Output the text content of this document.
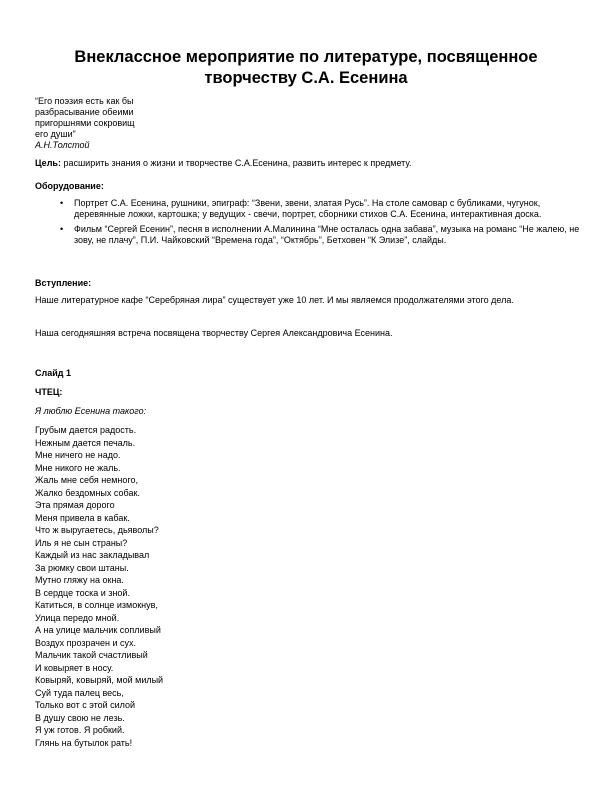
Внеклассное мероприятие по литературе, посвященное
творчеству С.А. Есенина
“Его поэзия есть как бы
разбрасывание обеими
пригоршнями сокровищ
его души”
А.Н.Толстой
Цель: расширить знания о жизни и творчестве С.А.Есенина, развить интерес к предмету.
Оборудование:
• Портрет С.А. Есенина, рушники, эпиграф: “Звени, звени, златая Русь”. На столе самовар с бубликами, чугунок, деревянные ложки, картошка; у ведущих - свечи, портрет, сборники стихов С.А. Есенина, интерактивная доска.
• Фильм “Сергей Есенин”, песня в исполнении А.Малинина “Мне осталась одна забава”, музыка на романс “Не жалею, не зову, не плачу”, П.И. Чайковский “Времена года”, “Октябрь”, Бетховен “К Элизе”, слайды.
Вступление:
Наше литературное кафе “Серебряная лира” существует уже 10 лет. И мы являемся продолжателями этого дела.
Наша сегодняшняя встреча посвящена творчеству Сергея Александровича Есенина.
Слайд 1
ЧТЕЦ:
Я люблю Есенина такого:
Грубым дается радость.
Нежным дается печаль.
Мне ничего не надо.
Мне никого не жаль.
Жаль мне себя немного,
Жалко бездомных собак.
Эта прямая дорого
Меня привела в кабак.
Что ж выругаетесь, дьяволы?
Иль я не сын страны?
Каждый из нас закладывал
За рюмку свои штаны.
Мутно гляжу на окна.
В сердце тоска и зной.
Катиться, в солнце измокнув,
Улица передо мной.
А на улице мальчик сопливый
Воздух прозрачен и сух.
Мальчик такой счастливый
И ковыряет в носу.
Ковыряй, ковыряй, мой милый
Суй туда палец весь,
Только вот с этой силой
В душу свою не лезь.
Я уж готов. Я робкий.
Глянь на бутылок рать!
